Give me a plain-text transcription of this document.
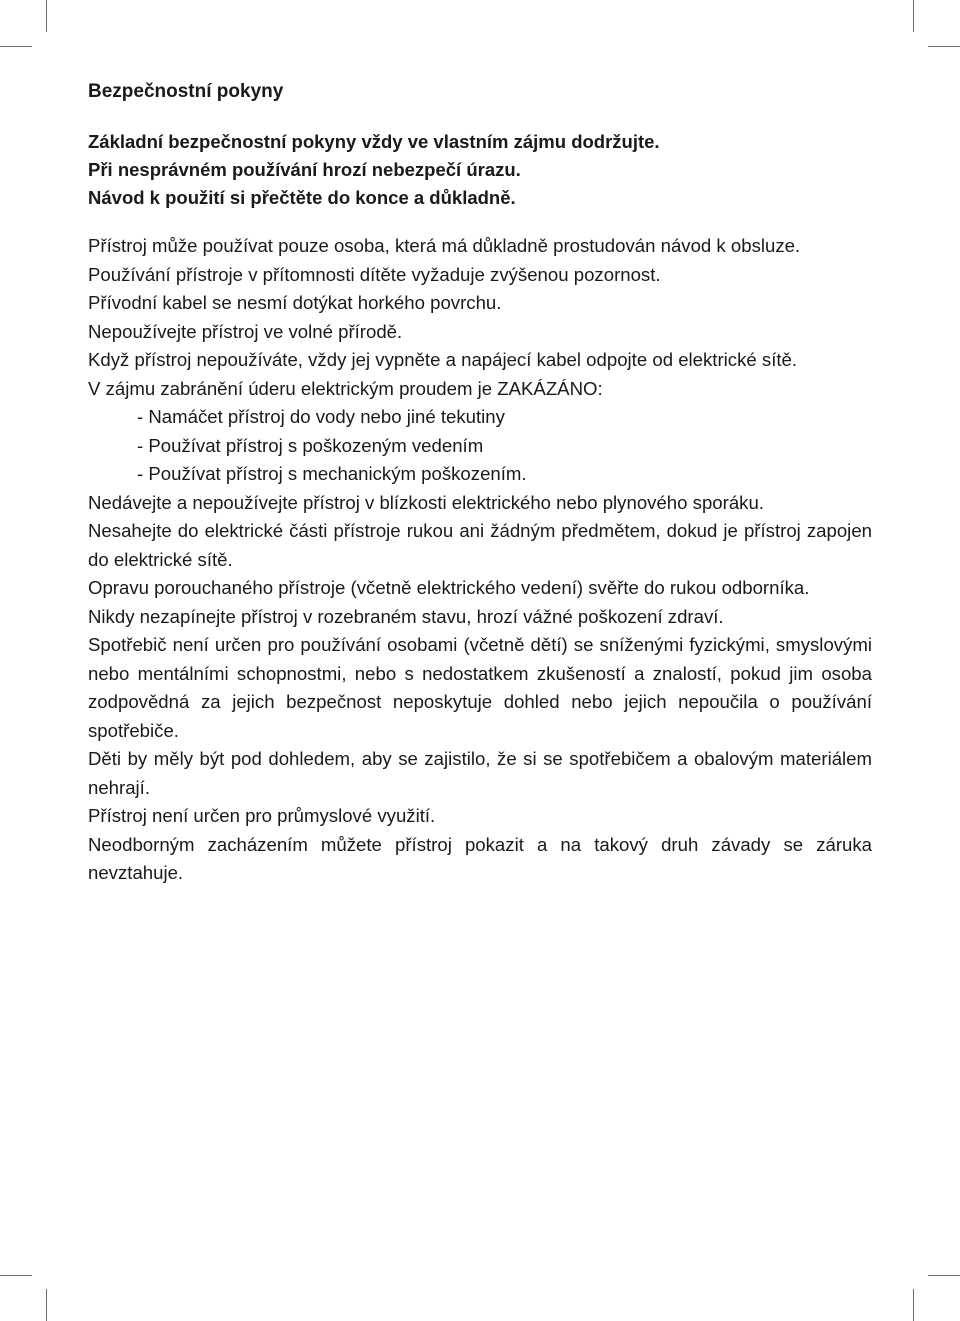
Bezpečnostní pokyny
Základní bezpečnostní pokyny vždy ve vlastním zájmu dodržujte.
Při nesprávném používání hrozí nebezpečí úrazu.
Návod k použití si přečtěte do konce a důkladně.

Přístroj může používat pouze osoba, která má důkladně prostudován návod k obsluze.

Používání přístroje v přítomnosti dítěte vyžaduje zvýšenou pozornost.

Přívodní kabel se nesmí dotýkat horkého povrchu.

Nepoužívejte přístroj ve volné přírodě.

Když přístroj nepoužíváte, vždy jej vypněte a napájecí kabel odpojte od elektrické sítě.

V zájmu zabránění úderu elektrickým proudem je ZAKÁZÁNO:

- Namáčet přístroj do vody nebo jiné tekutiny
- Používat přístroj s poškozeným vedením
- Používat přístroj s mechanickým poškozením.

Nedávejte a nepoužívejte přístroj v blízkosti elektrického nebo plynového sporáku.

Nesahejte do elektrické části přístroje rukou ani žádným předmětem, dokud je přístroj zapojen do elektrické sítě.

Opravu porouchaného přístroje (včetně elektrického vedení) svěřte do rukou odborníka.

Nikdy nezapínejte přístroj v rozebraném stavu, hrozí vážné poškození zdraví.

Spotřebič není určen pro používání osobami (včetně dětí) se sníženými fyzickými, smyslovými nebo mentálními schopnostmi, nebo s nedostatkem zkušeností a znalostí, pokud jim osoba zodpovědná za jejich bezpečnost neposkytuje dohled nebo jejich nepoučila o používání spotřebiče.

Děti by měly být pod dohledem, aby se zajistilo, že si se spotřebičem a obalovým materiálem nehrají.

Přístroj není určen pro průmyslové využití.

Neodborným zacházením můžete přístroj pokazit a na takový druh závady se záruka nevztahuje.
